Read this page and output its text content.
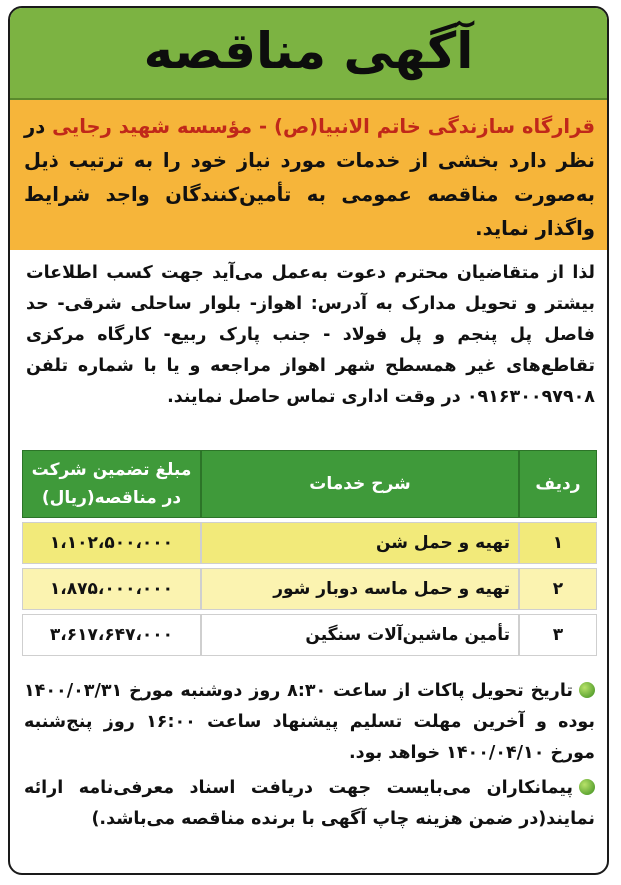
آگهی مناقصه
قرارگاه سازندگی خاتم الانبیا(ص) - مؤسسه شهید رجایی در نظر دارد بخشی از خدمات مورد نیاز خود را به ترتیب ذیل به‌صورت مناقصه عمومی به تأمین‌کنندگان واجد شرایط واگذار نماید.
لذا از متقاضیان محترم دعوت به‌عمل می‌آید جهت کسب اطلاعات بیشتر و تحویل مدارک به آدرس: اهواز- بلوار ساحلی شرقی- حد فاصل پل پنجم و پل فولاد - جنب پارک ربیع- کارگاه مرکزی تقاطع‌های غیر همسطح شهر اهواز مراجعه و یا با شماره تلفن ۰۹۱۶۳۰۰۹۷۹۰۸ در وقت اداری تماس حاصل نمایند.
ردیف	شرح خدمات	مبلغ تضمین شرکت در مناقصه(ریال)
۱	تهیه و حمل شن	۱،۱۰۲،۵۰۰،۰۰۰
۲	تهیه و حمل ماسه دوبار شور	۱،۸۷۵،۰۰۰،۰۰۰
۳	تأمین ماشین‌آلات سنگین	۳،۶۱۷،۶۴۷،۰۰۰
تاریخ تحویل پاکات از ساعت ۸:۳۰ روز دوشنبه مورخ ۱۴۰۰/۰۳/۳۱ بوده و آخرین مهلت تسلیم پیشنهاد ساعت ۱۶:۰۰ روز پنج‌شنبه مورخ ۱۴۰۰/۰۴/۱۰ خواهد بود.
پیمانکاران می‌بایست جهت دریافت اسناد معرفی‌نامه ارائه نمایند(در ضمن هزینه چاپ آگهی با برنده مناقصه می‌باشد.)
